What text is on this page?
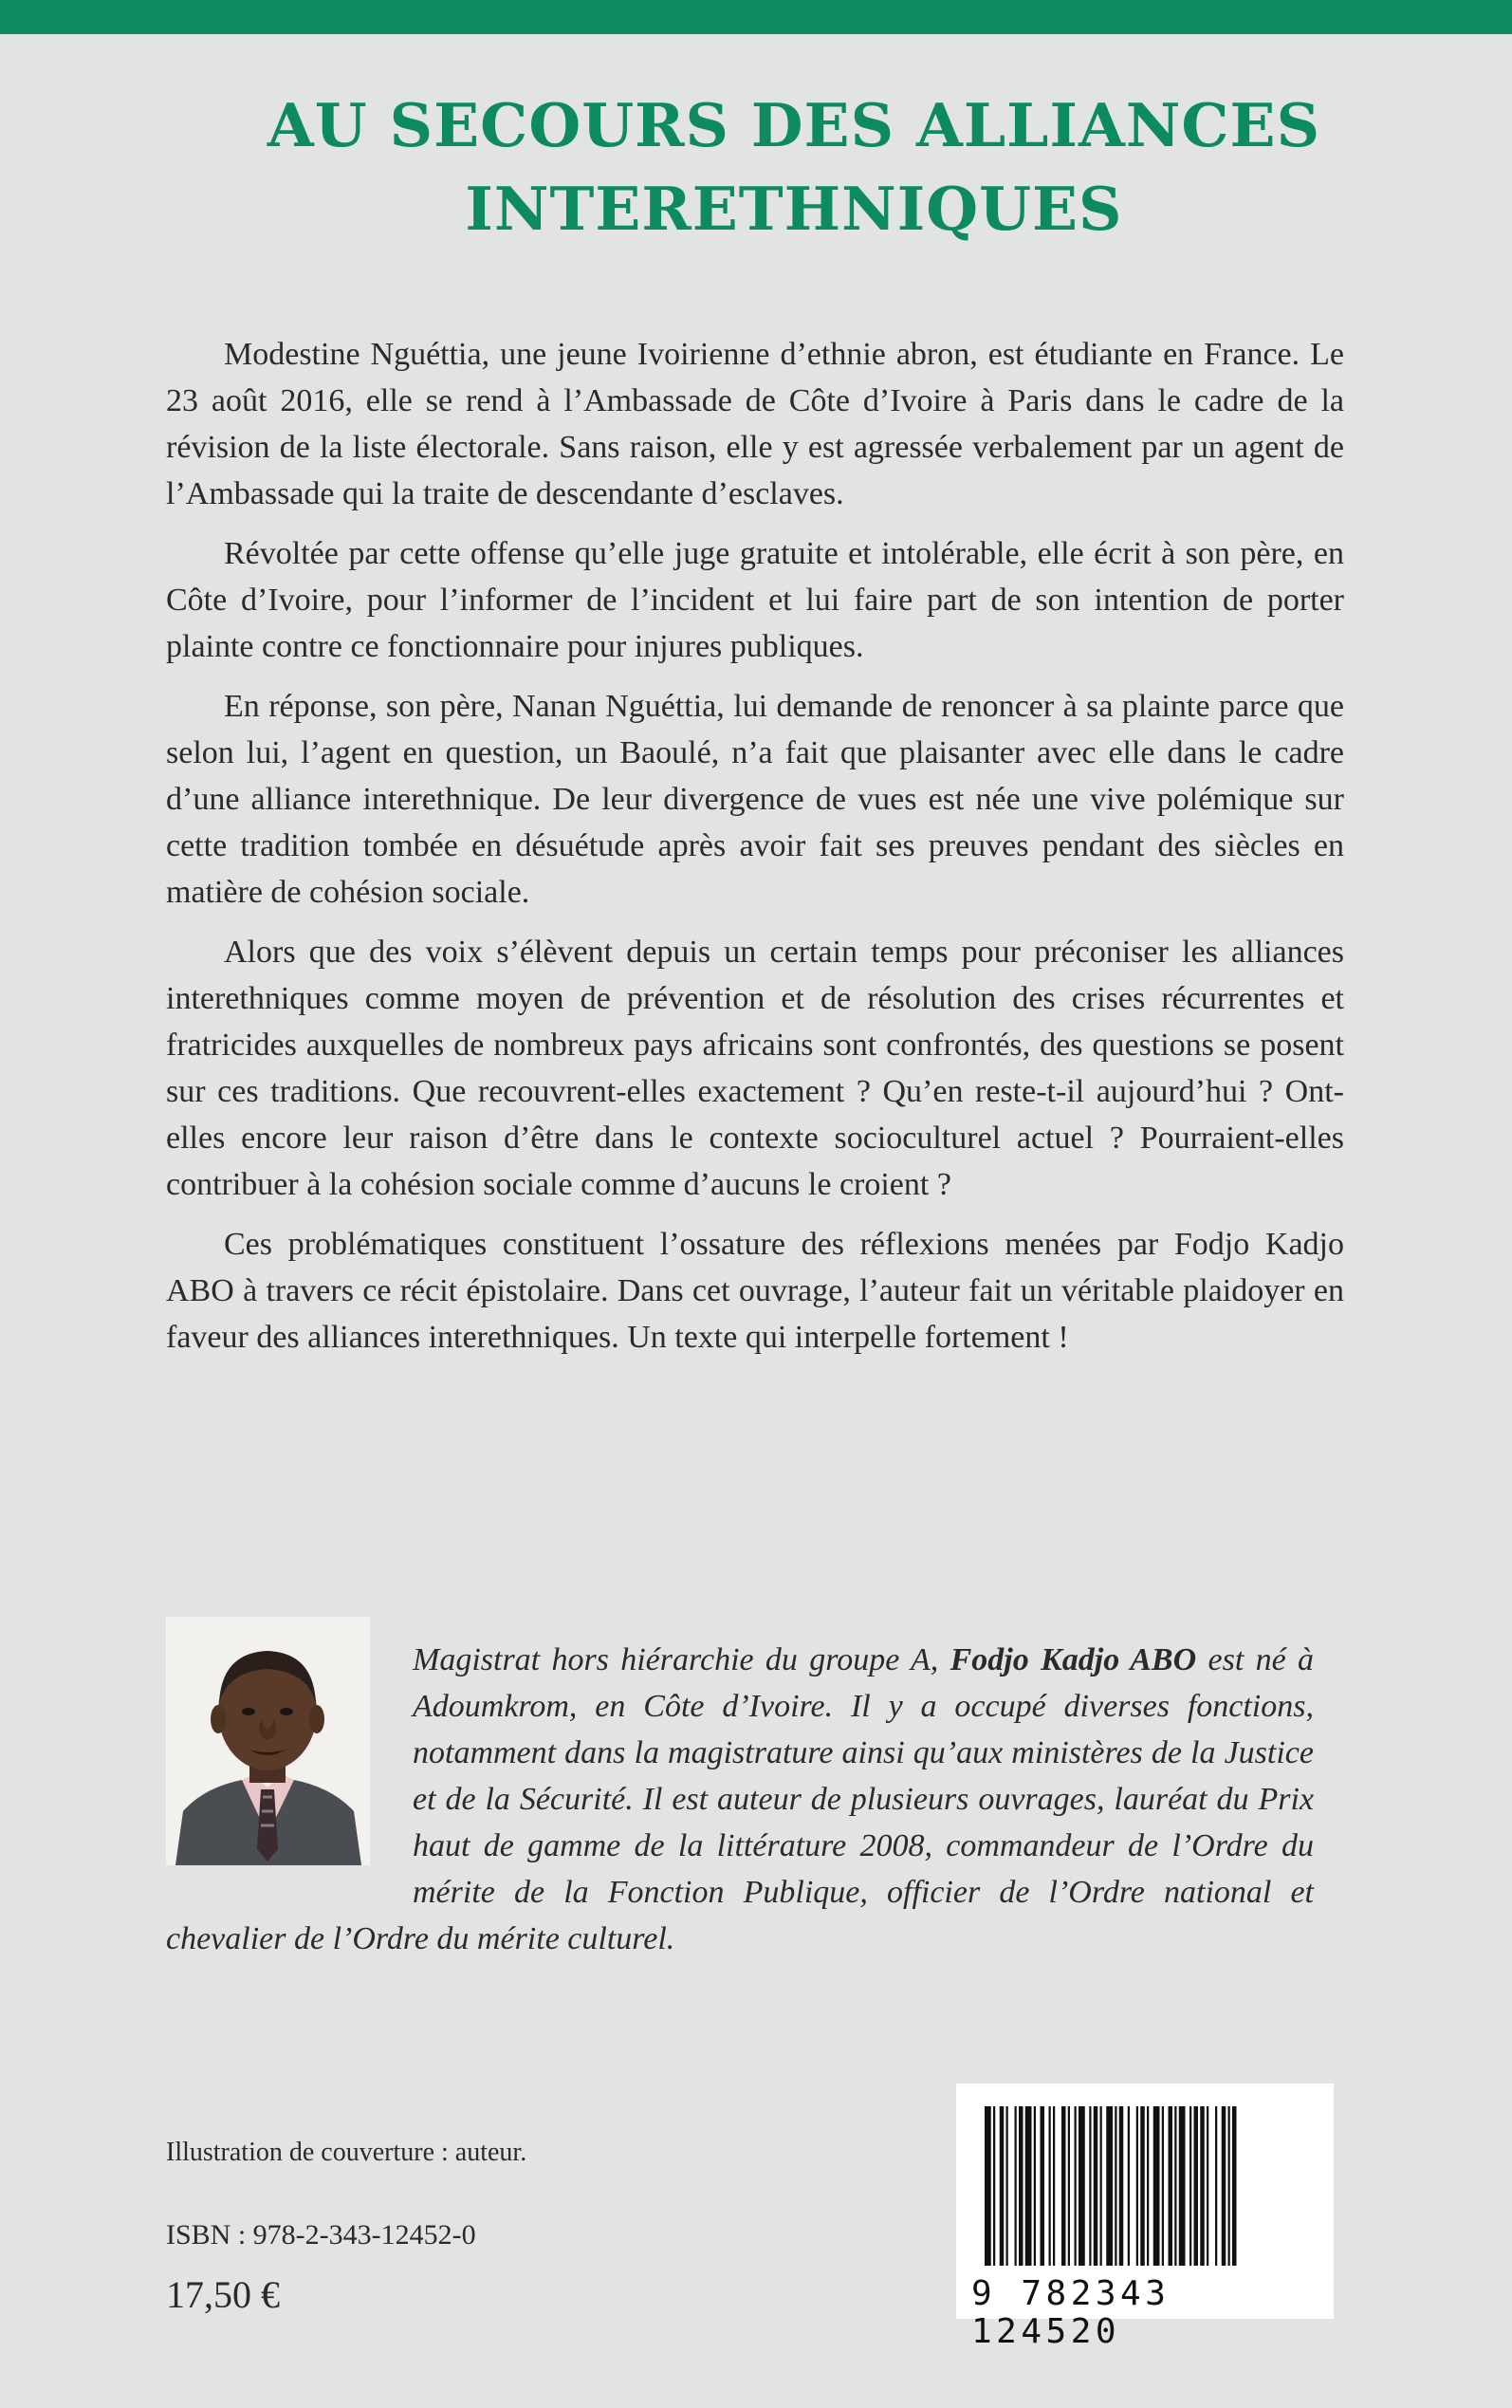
AU SECOURS DES ALLIANCES
INTERETHNIQUES

Modestine Nguéttia, une jeune Ivoirienne d’ethnie abron, est étudiante en France. Le 23 août 2016, elle se rend à l’Ambassade de Côte d’Ivoire à Paris dans le cadre de la révision de la liste électorale. Sans raison, elle y est agressée verbalement par un agent de l’Ambassade qui la traite de descendante d’esclaves.

Révoltée par cette offense qu’elle juge gratuite et intolérable, elle écrit à son père, en Côte d’Ivoire, pour l’informer de l’incident et lui faire part de son intention de porter plainte contre ce fonctionnaire pour injures publiques.

En réponse, son père, Nanan Nguéttia, lui demande de renoncer à sa plainte parce que selon lui, l’agent en question, un Baoulé, n’a fait que plaisanter avec elle dans le cadre d’une alliance interethnique. De leur divergence de vues est née une vive polémique sur cette tradition tombée en désuétude après avoir fait ses preuves pendant des siècles en matière de cohésion sociale.

Alors que des voix s’élèvent depuis un certain temps pour préconiser les alliances interethniques comme moyen de prévention et de résolution des crises récurrentes et fratricides auxquelles de nombreux pays africains sont confrontés, des questions se posent sur ces traditions. Que recouvrent-elles exactement ? Qu’en reste-t-il aujourd’hui ? Ont-elles encore leur raison d’être dans le contexte socioculturel actuel ? Pourraient-elles contribuer à la cohésion sociale comme d’aucuns le croient ?

Ces problématiques constituent l’ossature des réflexions menées par Fodjo Kadjo ABO à travers ce récit épistolaire. Dans cet ouvrage, l’auteur fait un véritable plaidoyer en faveur des alliances interethniques. Un texte qui interpelle fortement !

Magistrat hors hiérarchie du groupe A, Fodjo Kadjo ABO est né à Adoumkrom, en Côte d’Ivoire. Il y a occupé diverses fonctions, notamment dans la magistrature ainsi qu’aux ministères de la Justice et de la Sécurité. Il est auteur de plusieurs ouvrages, lauréat du Prix haut de gamme de la littérature 2008, commandeur de l’Ordre du mérite de la Fonction Publique, officier de l’Ordre national et chevalier de l’Ordre du mérite culturel.

Illustration de couverture : auteur.

ISBN : 978-2-343-12452-0

17,50 €	9 782343 124520
